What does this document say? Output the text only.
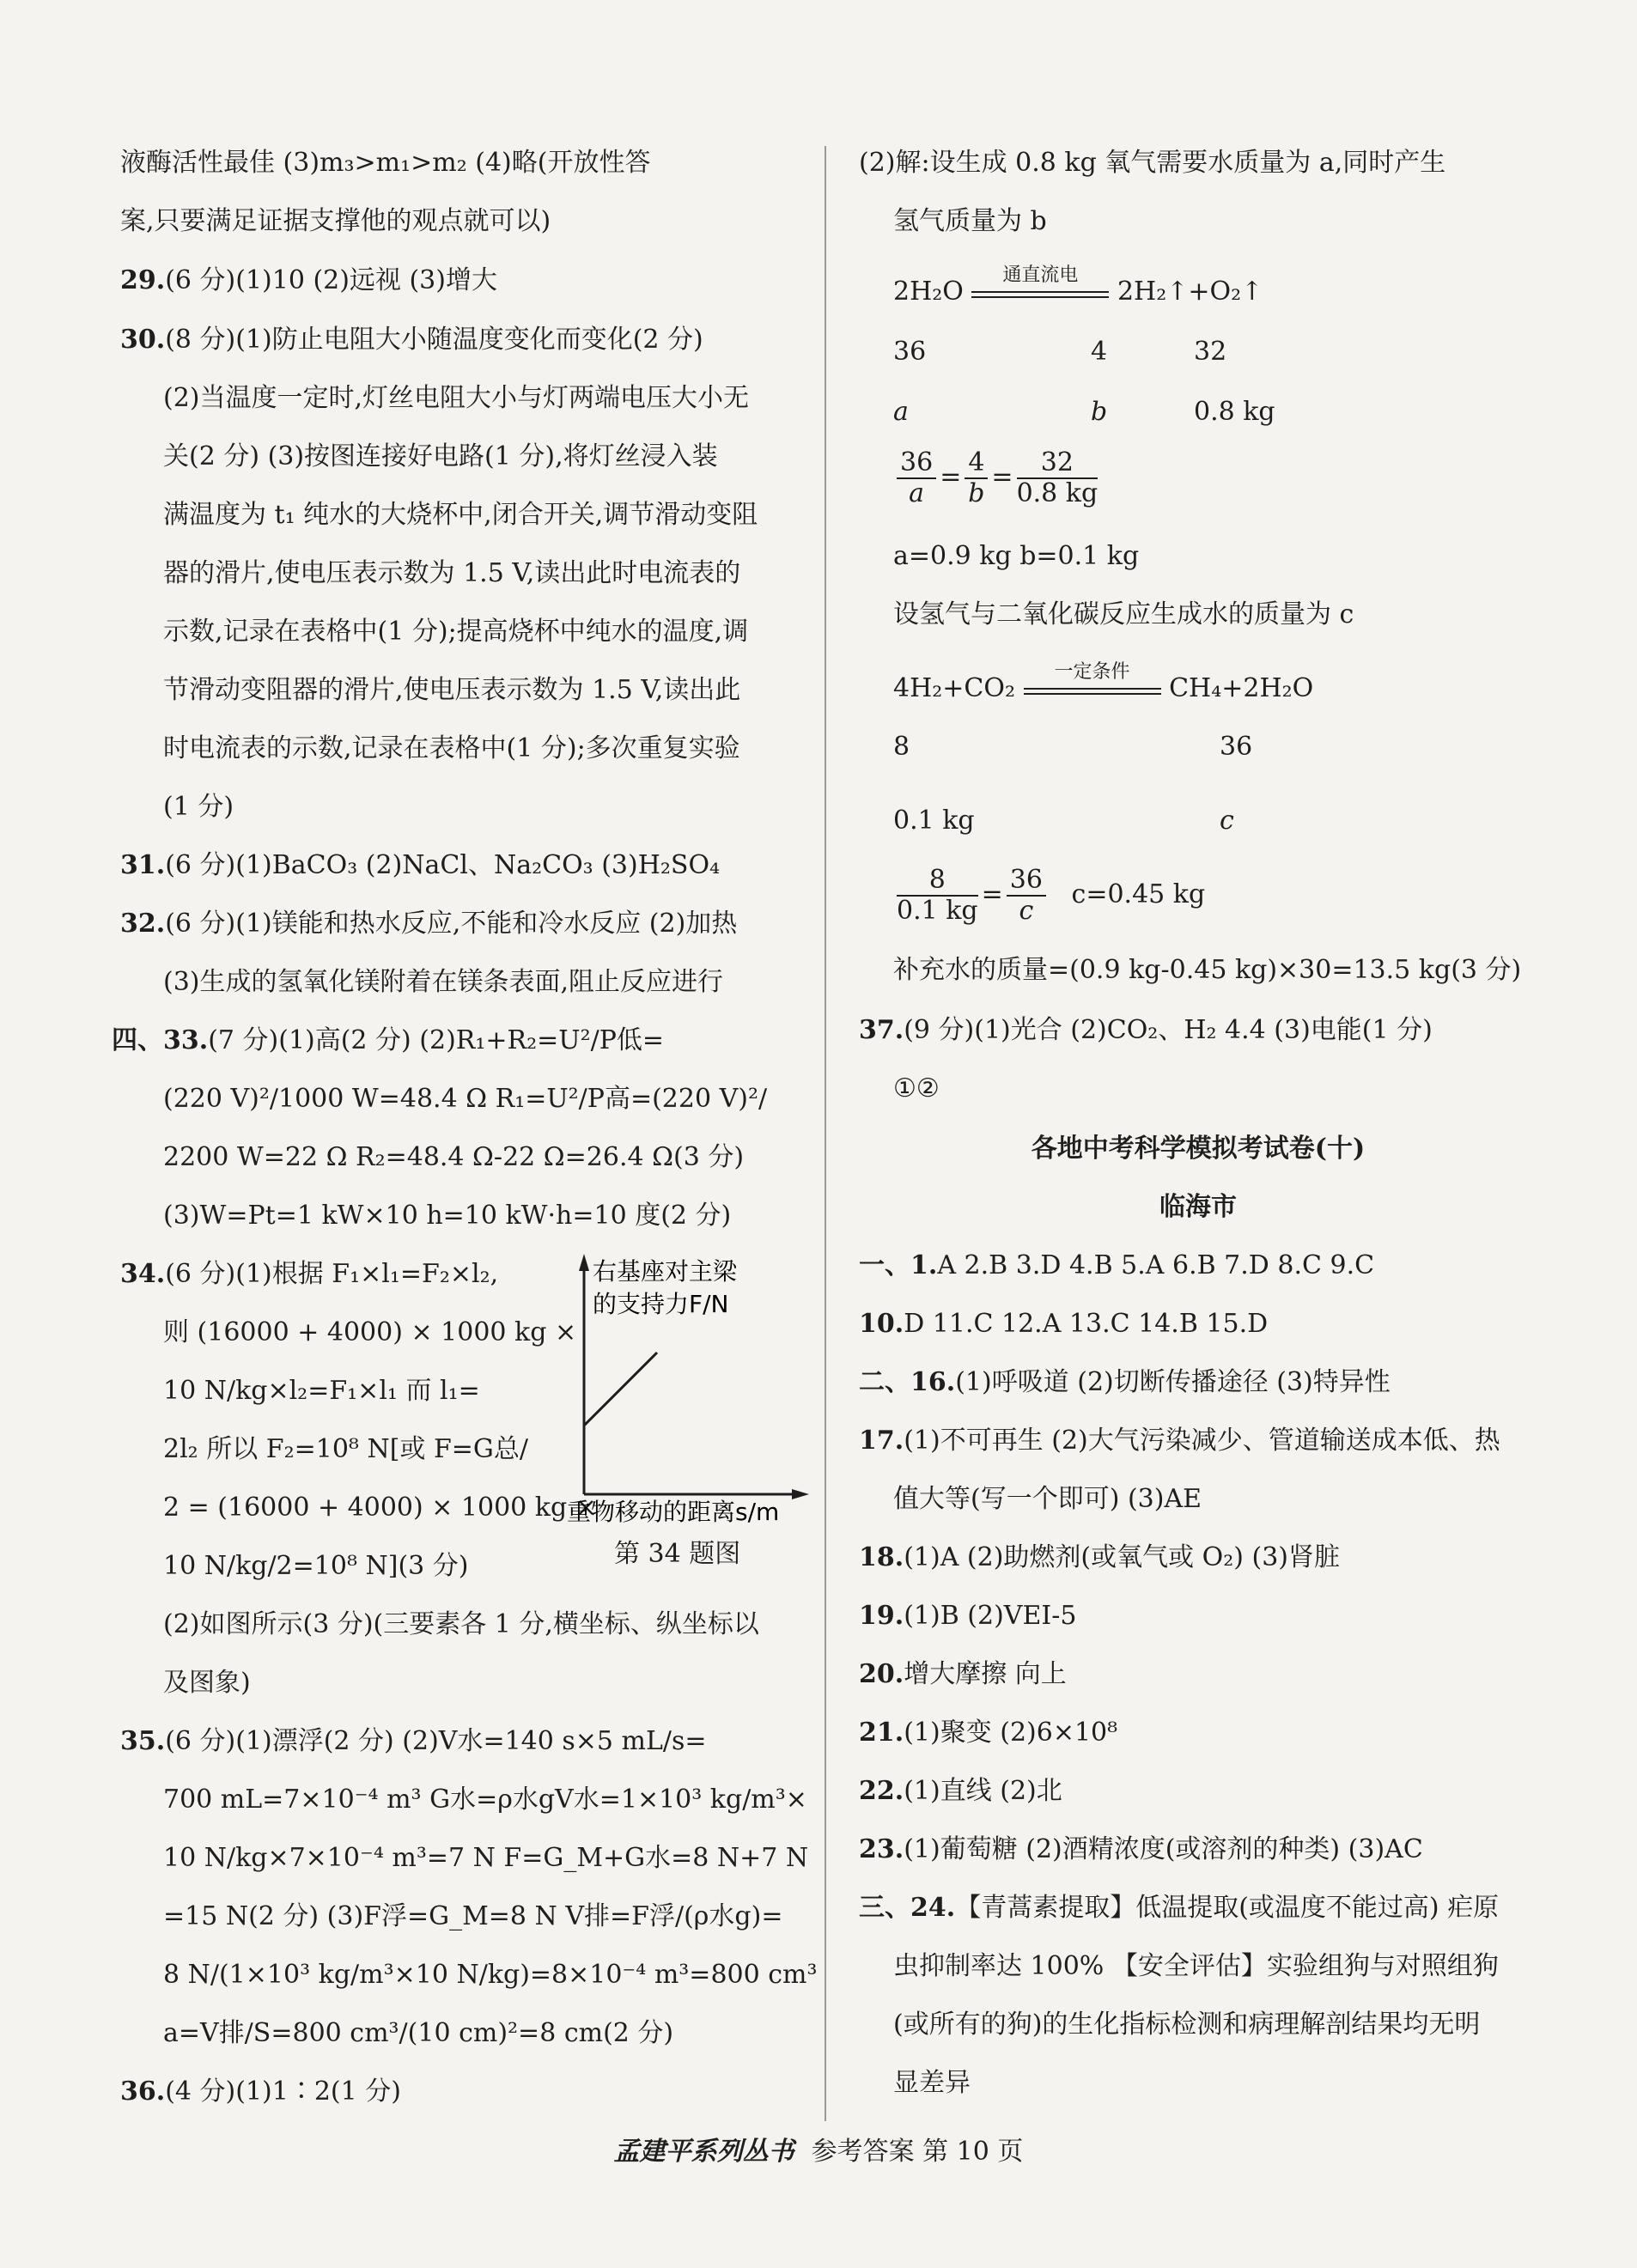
液酶活性最佳 (3)m₃>m₁>m₂ (4)略(开放性答
案,只要满足证据支撑他的观点就可以)
29.(6 分)(1)10 (2)远视 (3)增大
30.(8 分)(1)防止电阻大小随温度变化而变化(2 分)
(2)当温度一定时,灯丝电阻大小与灯两端电压大小无
关(2 分) (3)按图连接好电路(1 分),将灯丝浸入装
满温度为 t₁ 纯水的大烧杯中,闭合开关,调节滑动变阻
器的滑片,使电压表示数为 1.5 V,读出此时电流表的
示数,记录在表格中(1 分);提高烧杯中纯水的温度,调
节滑动变阻器的滑片,使电压表示数为 1.5 V,读出此
时电流表的示数,记录在表格中(1 分);多次重复实验
(1 分)
31.(6 分)(1)BaCO₃ (2)NaCl、Na₂CO₃ (3)H₂SO₄
32.(6 分)(1)镁能和热水反应,不能和冷水反应 (2)加热
(3)生成的氢氧化镁附着在镁条表面,阻止反应进行
四、33.(7 分)(1)高(2 分) (2)R₁+R₂=U²/P低=
(220 V)²/1000 W=48.4 Ω R₁=U²/P高=(220 V)²/
2200 W=22 Ω R₂=48.4 Ω-22 Ω=26.4 Ω(3 分)
(3)W=Pt=1 kW×10 h=10 kW·h=10 度(2 分)
34.(6 分)(1)根据 F₁×l₁=F₂×l₂,
则 (16000 + 4000) × 1000 kg ×
10 N/kg×l₂=F₁×l₁ 而 l₁=
2l₂ 所以 F₂=10⁸ N[或 F=G总/
2 = (16000 + 4000) × 1000 kg ×
10 N/kg/2=10⁸ N](3 分)
(2)如图所示(3 分)(三要素各 1 分,横坐标、纵坐标以
及图象)
右基座对主梁
的支持力F/N
重物移动的距离s/m
第 34 题图
35.(6 分)(1)漂浮(2 分) (2)V水=140 s×5 mL/s=
700 mL=7×10⁻⁴ m³ G水=ρ水gV水=1×10³ kg/m³×
10 N/kg×7×10⁻⁴ m³=7 N F=G_M+G水=8 N+7 N
=15 N(2 分) (3)F浮=G_M=8 N V排=F浮/(ρ水g)=
8 N/(1×10³ kg/m³×10 N/kg)=8×10⁻⁴ m³=800 cm³
a=V排/S=800 cm³/(10 cm)²=8 cm(2 分)
36.(4 分)(1)1∶2(1 分)
(2)解:设生成 0.8 kg 氧气需要水质量为 a,同时产生
氢气质量为 b
2H₂O
通直流电
2H₂↑+O₂↑
36	4	32
a	b	0.8 kg
$\frac{36}{a} = \frac{4}{b} = \frac{32}{0.8 kg}$
a=0.9 kg b=0.1 kg
设氢气与二氧化碳反应生成水的质量为 c
4H₂+CO₂
一定条件
CH₄+2H₂O
8	36
0.1 kg	c
$\frac{8}{0.1 kg} = \frac{36}{c} c=0.45$ kg
补充水的质量=(0.9 kg-0.45 kg)×30=13.5 kg(3 分)
37.(9 分)(1)光合 (2)CO₂、H₂ 4.4 (3)电能(1 分)
①②
各地中考科学模拟考试卷(十)
临海市
一、1.A 2.B 3.D 4.B 5.A 6.B 7.D 8.C 9.C
10.D 11.C 12.A 13.C 14.B 15.D
二、16.(1)呼吸道 (2)切断传播途径 (3)特异性
17.(1)不可再生 (2)大气污染减少、管道输送成本低、热
值大等(写一个即可) (3)AE
18.(1)A (2)助燃剂(或氧气或 O₂) (3)肾脏
19.(1)B (2)VEI-5
20.增大摩擦 向上
21.(1)聚变 (2)6×10⁸
22.(1)直线 (2)北
23.(1)葡萄糖 (2)酒精浓度(或溶剂的种类) (3)AC
三、24.【青蒿素提取】低温提取(或温度不能过高) 疟原
虫抑制率达 100% 【安全评估】实验组狗与对照组狗
(或所有的狗)的生化指标检测和病理解剖结果均无明
显差异
孟建平系列丛书 参考答案 第 10 页
